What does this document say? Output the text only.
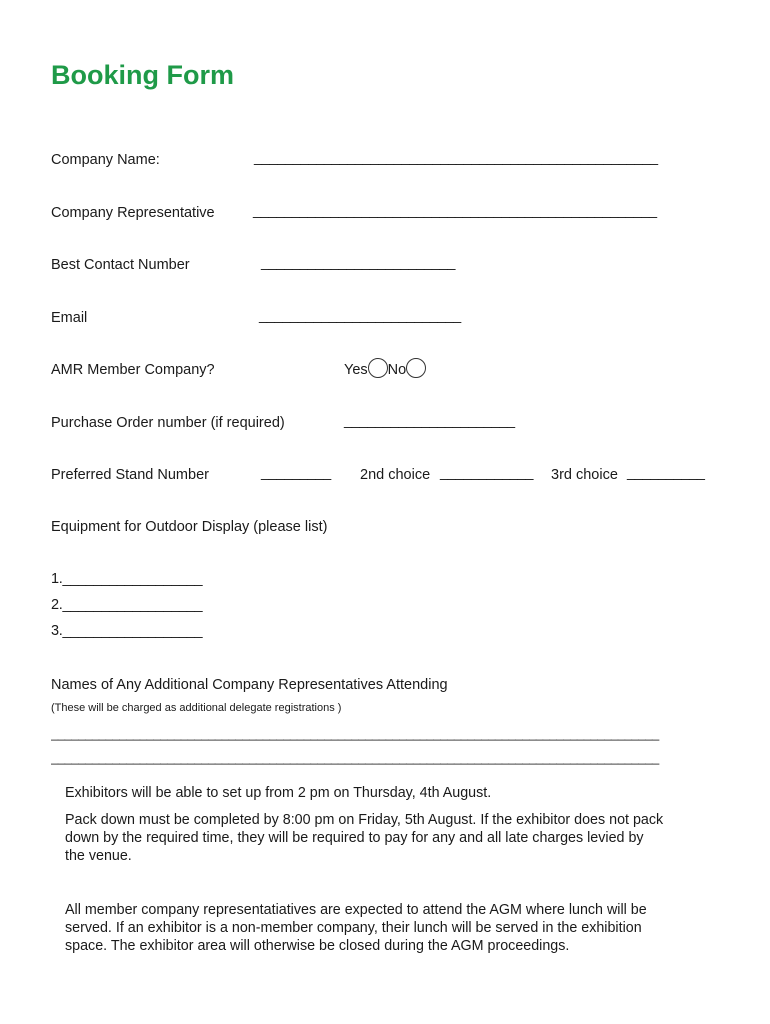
Booking Form
Company Name:	____________________________________________________
Company Representative	____________________________________________________
Best Contact Number	_________________________
Email	__________________________
AMR Member Company?	Yes No
Purchase Order number (if required)	______________________
Preferred Stand Number	_________ 2nd choice ____________ 3rd choice __________
Equipment for Outdoor Display (please list)
1.__________________
2.__________________
3.__________________
Names of Any Additional Company Representatives Attending
(These will be charged as additional delegate registrations )
_________________________________________________________________________________________
_________________________________________________________________________________________
Exhibitors will be able to set up from 2 pm on Thursday, 4th August.
Pack down must be completed by 8:00 pm on Friday, 5th August. If the exhibitor does not pack down by the required time, they will be required to pay for any and all late charges levied by the venue.
All member company representatiatives are expected to attend the AGM where lunch will be served. If an exhibitor is a non-member company, their lunch will be served in the exhibition space. The exhibitor area will otherwise be closed during the AGM proceedings.
